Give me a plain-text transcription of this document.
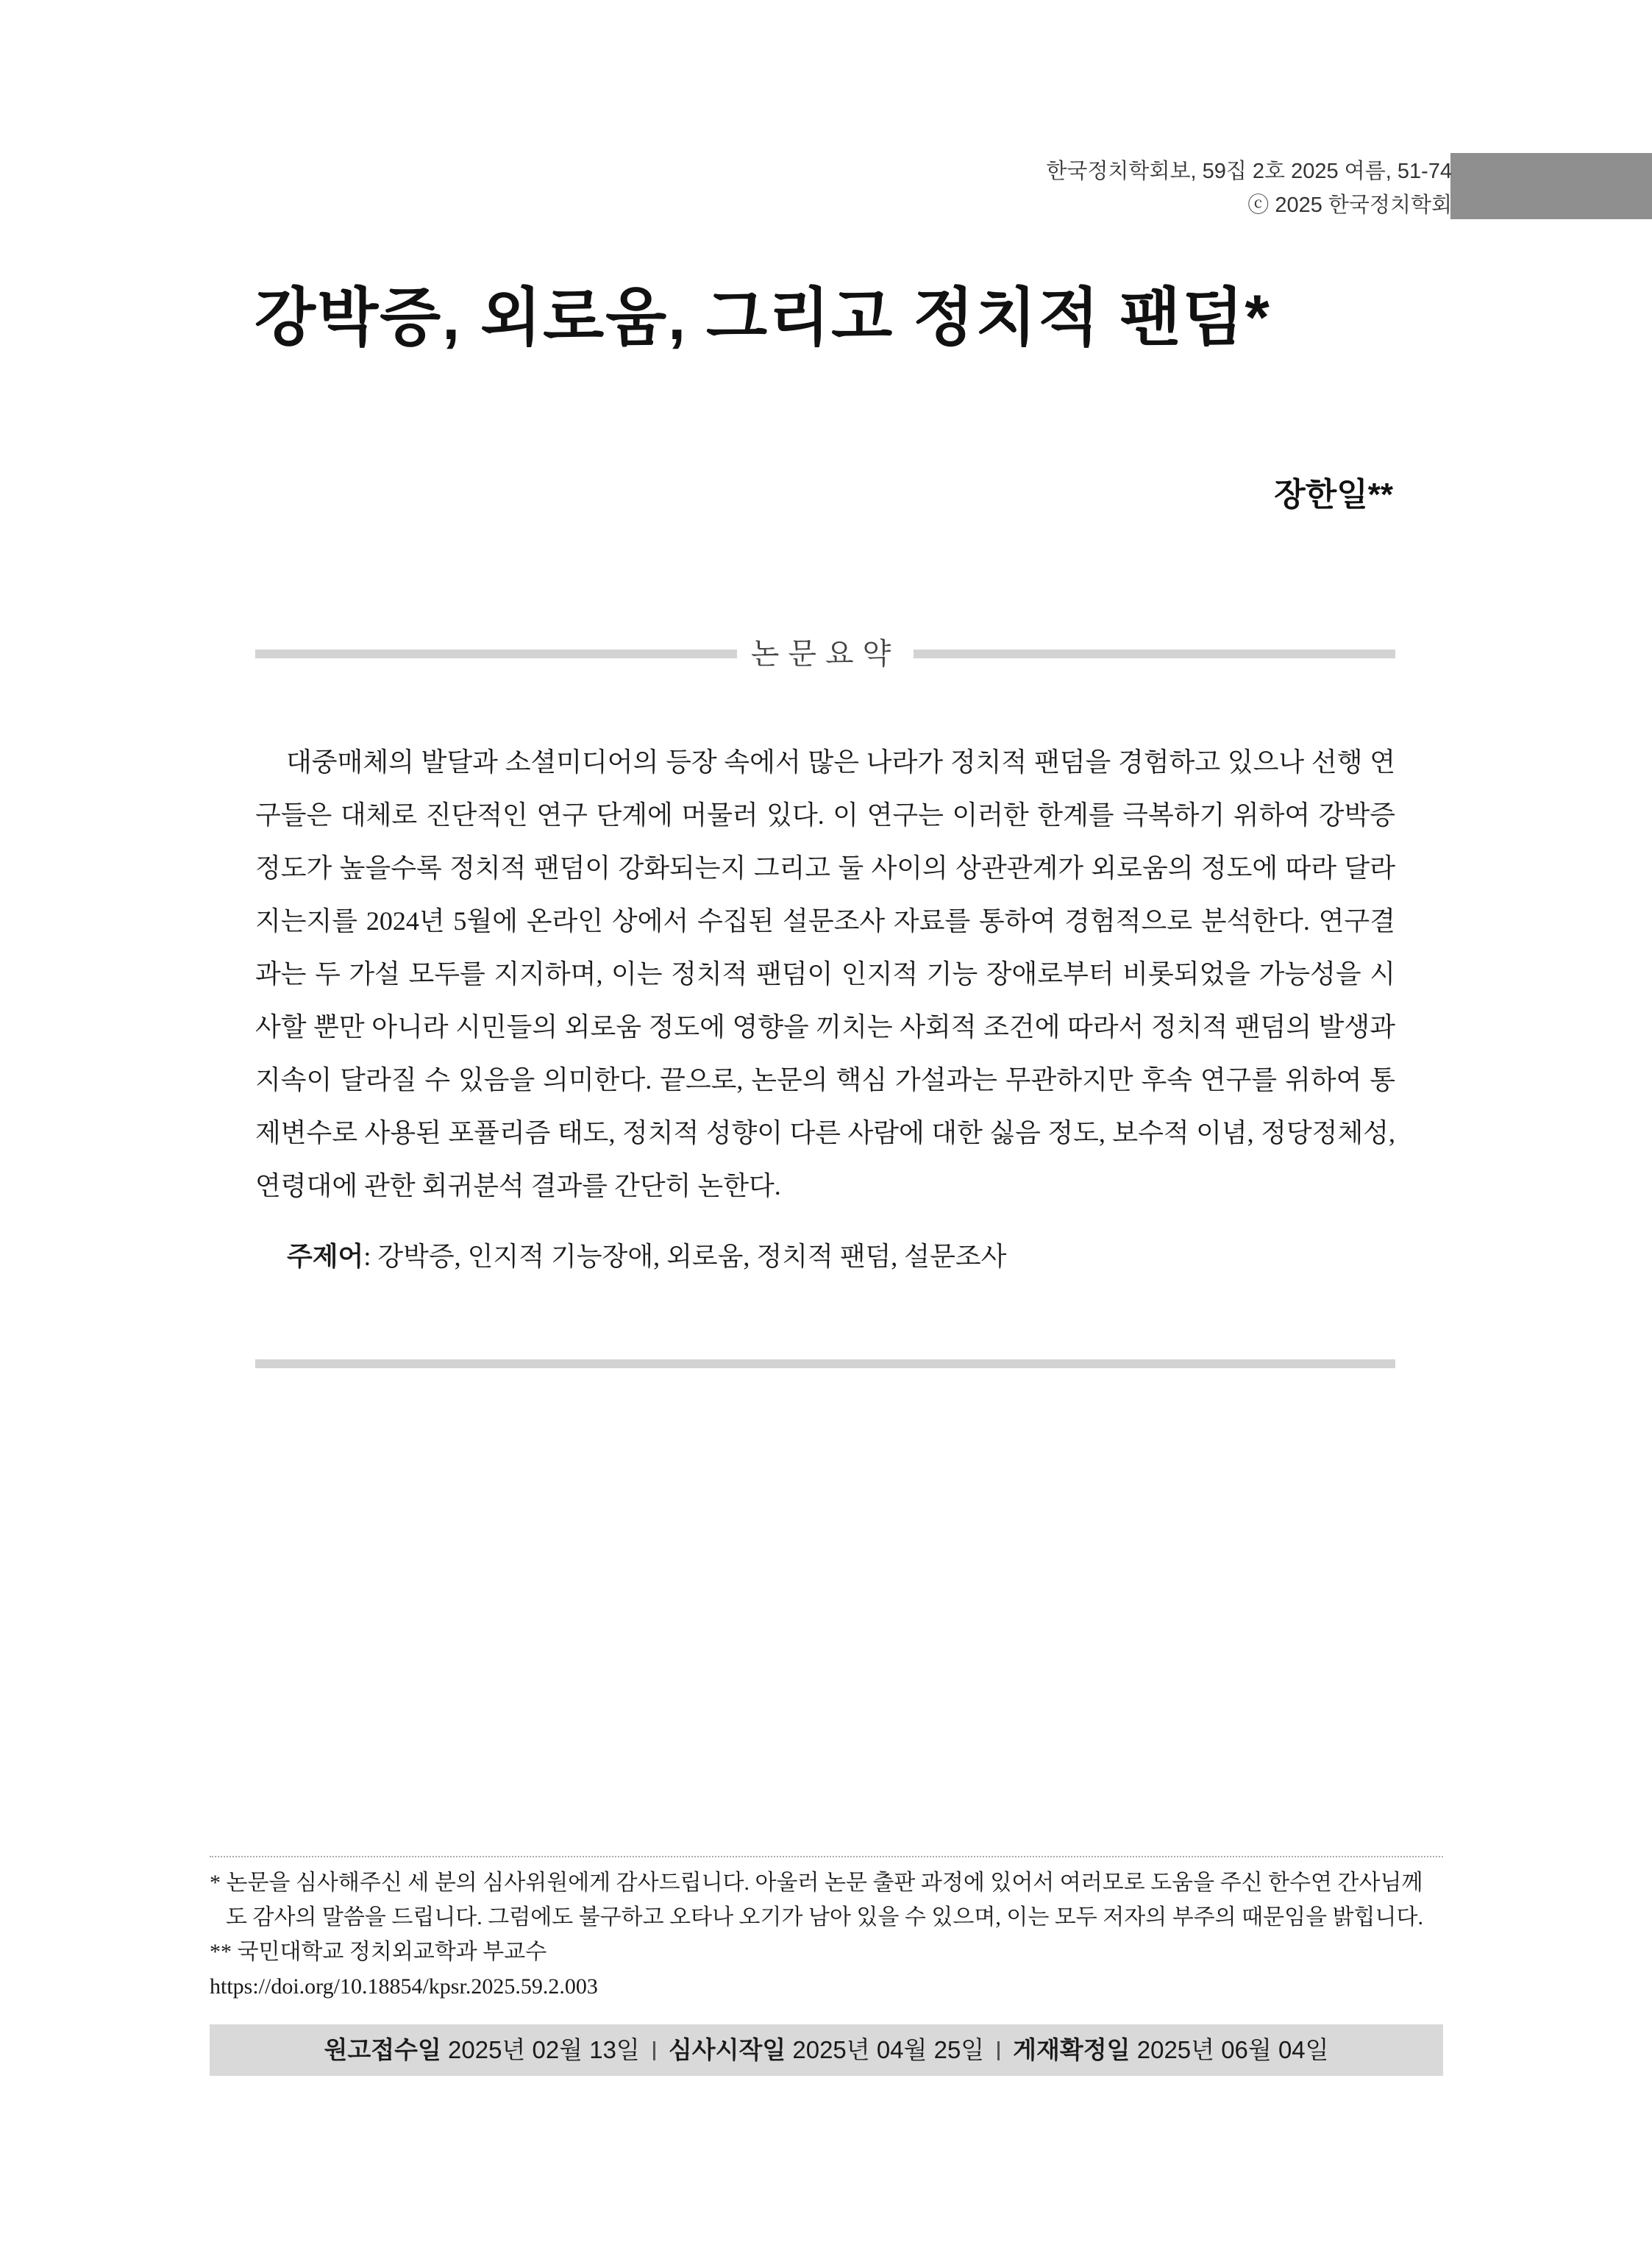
한국정치학회보, 59집 2호 2025 여름, 51-74
ⓒ 2025 한국정치학회
강박증, 외로움, 그리고 정치적 팬덤*
장한일**
논문요약

대중매체의 발달과 소셜미디어의 등장 속에서 많은 나라가 정치적 팬덤을 경험하고 있으나 선행 연구들은 대체로 진단적인 연구 단계에 머물러 있다. 이 연구는 이러한 한계를 극복하기 위하여 강박증 정도가 높을수록 정치적 팬덤이 강화되는지 그리고 둘 사이의 상관관계가 외로움의 정도에 따라 달라지는지를 2024년 5월에 온라인 상에서 수집된 설문조사 자료를 통하여 경험적으로 분석한다. 연구결과는 두 가설 모두를 지지하며, 이는 정치적 팬덤이 인지적 기능 장애로부터 비롯되었을 가능성을 시사할 뿐만 아니라 시민들의 외로움 정도에 영향을 끼치는 사회적 조건에 따라서 정치적 팬덤의 발생과 지속이 달라질 수 있음을 의미한다. 끝으로, 논문의 핵심 가설과는 무관하지만 후속 연구를 위하여 통제변수로 사용된 포퓰리즘 태도, 정치적 성향이 다른 사람에 대한 싫음 정도, 보수적 이념, 정당정체성, 연령대에 관한 회귀분석 결과를 간단히 논한다.

주제어: 강박증, 인지적 기능장애, 외로움, 정치적 팬덤, 설문조사
* 논문을 심사해주신 세 분의 심사위원에게 감사드립니다. 아울러 논문 출판 과정에 있어서 여러모로 도움을 주신 한수연 간사님께
도 감사의 말씀을 드립니다. 그럼에도 불구하고 오타나 오기가 남아 있을 수 있으며, 이는 모두 저자의 부주의 때문임을 밝힙니다.
** 국민대학교 정치외교학과 부교수
https://doi.org/10.18854/kpsr.2025.59.2.003
원고접수일 2025년 02월 13일 심사시작일 2025년 04월 25일 게재확정일 2025년 06월 04일
